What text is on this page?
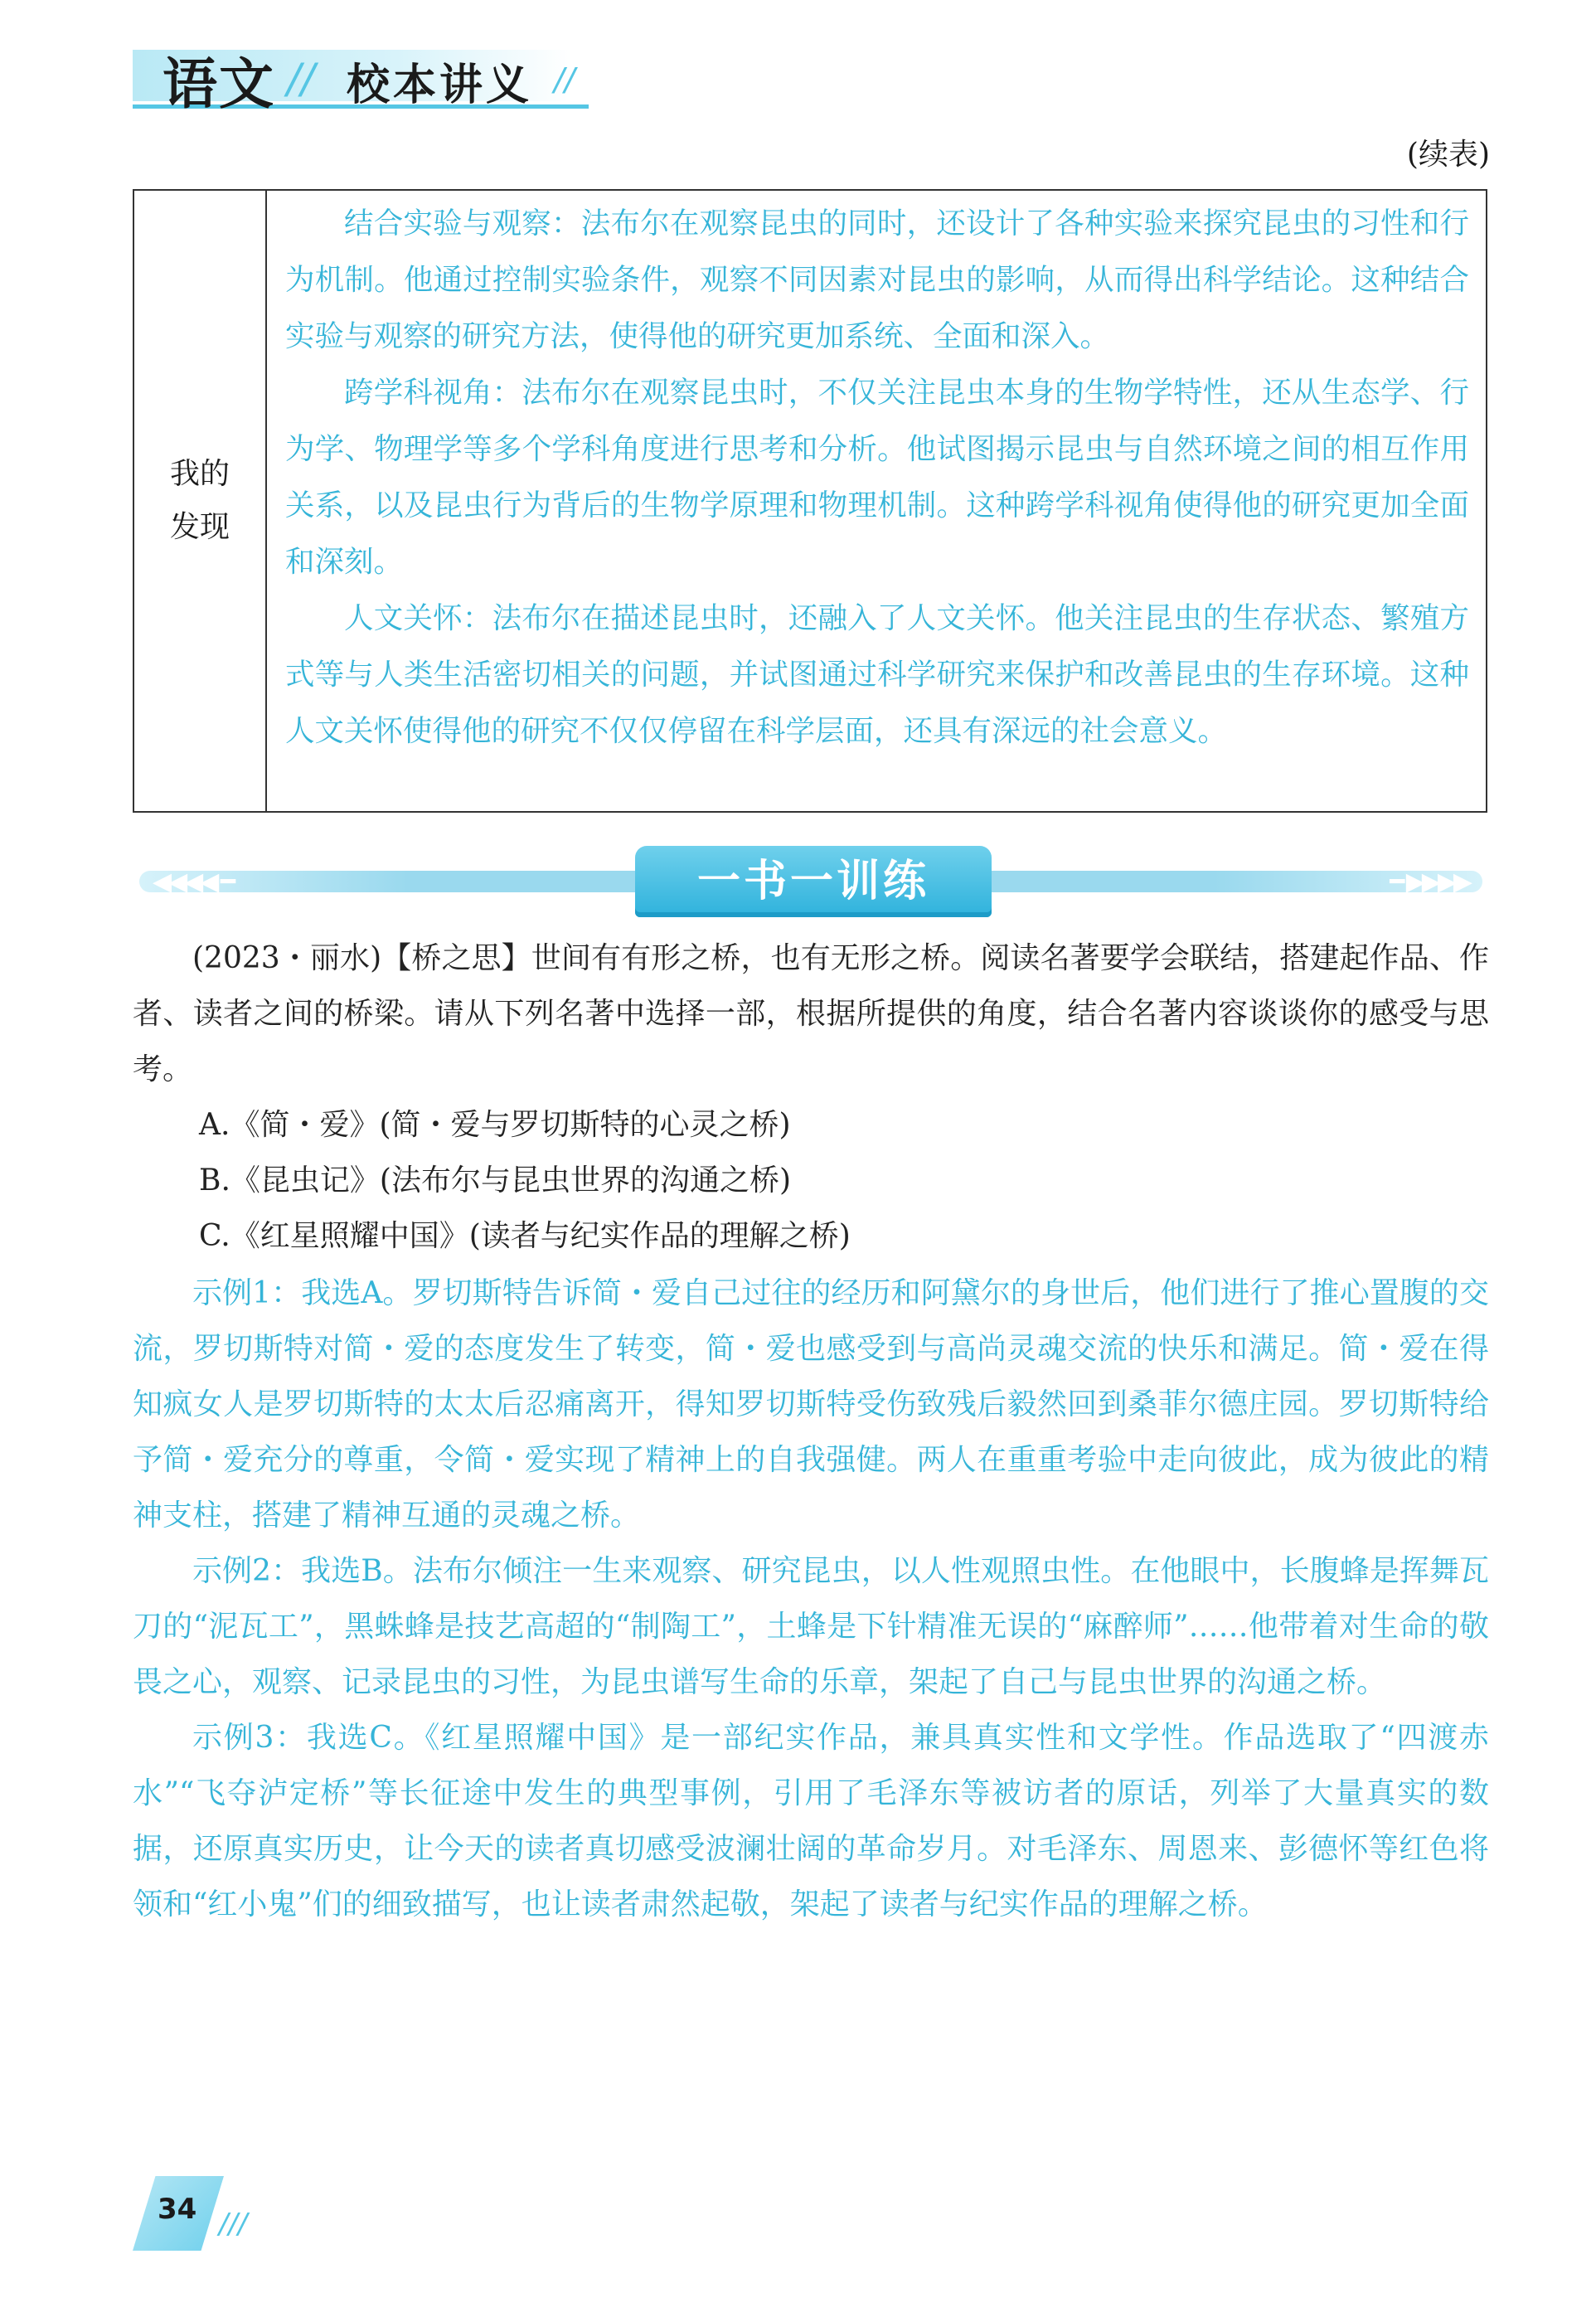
语文 // 校本讲义 //
(续表)
我的
发现

结合实验与观察：法布尔在观察昆虫的同时，还设计了各种实验来探究昆虫的习性和行为机制。他通过控制实验条件，观察不同因素对昆虫的影响，从而得出科学结论。这种结合实验与观察的研究方法，使得他的研究更加系统、全面和深入。

跨学科视角：法布尔在观察昆虫时，不仅关注昆虫本身的生物学特性，还从生态学、行为学、物理学等多个学科角度进行思考和分析。他试图揭示昆虫与自然环境之间的相互作用关系，以及昆虫行为背后的生物学原理和物理机制。这种跨学科视角使得他的研究更加全面和深刻。

人文关怀：法布尔在描述昆虫时，还融入了人文关怀。他关注昆虫的生存状态、繁殖方式等与人类生活密切相关的问题，并试图通过科学研究来保护和改善昆虫的生存环境。这种人文关怀使得他的研究不仅仅停留在科学层面，还具有深远的社会意义。

◀◀◀◀ ━	━ ▶▶▶▶
一书一训练

(2023・丽水)【桥之思】世间有有形之桥，也有无形之桥。阅读名著要学会联结，搭建起作品、作者、读者之间的桥梁。请从下列名著中选择一部，根据所提供的角度，结合名著内容谈谈你的感受与思考。

A.《简・爱》(简・爱与罗切斯特的心灵之桥)

B.《昆虫记》(法布尔与昆虫世界的沟通之桥)

C.《红星照耀中国》(读者与纪实作品的理解之桥)

示例1：我选A。罗切斯特告诉简・爱自己过往的经历和阿黛尔的身世后，他们进行了推心置腹的交流，罗切斯特对简・爱的态度发生了转变，简・爱也感受到与高尚灵魂交流的快乐和满足。简・爱在得知疯女人是罗切斯特的太太后忍痛离开，得知罗切斯特受伤致残后毅然回到桑菲尔德庄园。罗切斯特给予简・爱充分的尊重，令简・爱实现了精神上的自我强健。两人在重重考验中走向彼此，成为彼此的精神支柱，搭建了精神互通的灵魂之桥。

示例2：我选B。法布尔倾注一生来观察、研究昆虫，以人性观照虫性。在他眼中，长腹蜂是挥舞瓦刀的“泥瓦工”，黑蛛蜂是技艺高超的“制陶工”，土蜂是下针精准无误的“麻醉师”……他带着对生命的敬畏之心，观察、记录昆虫的习性，为昆虫谱写生命的乐章，架起了自己与昆虫世界的沟通之桥。

示例3：我选C。《红星照耀中国》是一部纪实作品，兼具真实性和文学性。作品选取了“四渡赤水”“飞夺泸定桥”等长征途中发生的典型事例，引用了毛泽东等被访者的原话，列举了大量真实的数据，还原真实历史，让今天的读者真切感受波澜壮阔的革命岁月。对毛泽东、周恩来、彭德怀等红色将领和“红小鬼”们的细致描写，也让读者肃然起敬，架起了读者与纪实作品的理解之桥。

34 ///
